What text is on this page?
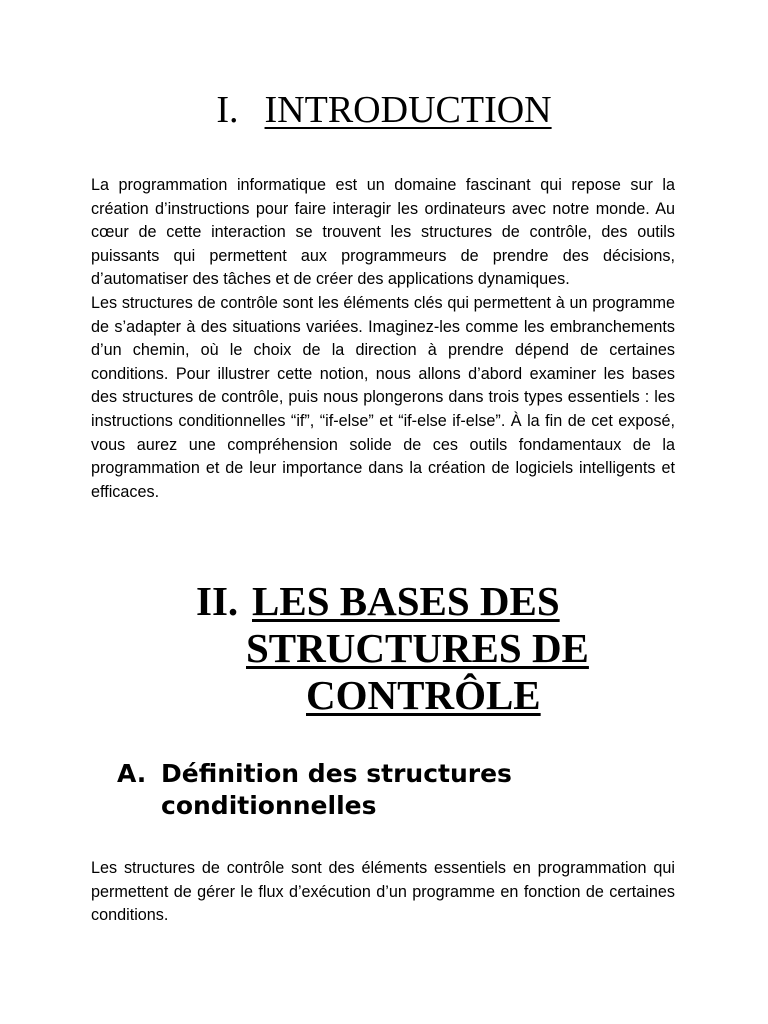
I. INTRODUCTION

La programmation informatique est un domaine fascinant qui repose sur la création d’instructions pour faire interagir les ordinateurs avec notre monde. Au cœur de cette interaction se trouvent les structures de contrôle, des outils puissants qui permettent aux programmeurs de prendre des décisions, d’automatiser des tâches et de créer des applications dynamiques.

Les structures de contrôle sont les éléments clés qui permettent à un programme de s’adapter à des situations variées. Imaginez-les comme les embranchements d’un chemin, où le choix de la direction à prendre dépend de certaines conditions. Pour illustrer cette notion, nous allons d’abord examiner les bases des structures de contrôle, puis nous plongerons dans trois types essentiels : les instructions conditionnelles “if”, “if-else” et “if-else if-else”. À la fin de cet exposé, vous aurez une compréhension solide de ces outils fondamentaux de la programmation et de leur importance dans la création de logiciels intelligents et efficaces.

II. LES BASES DES
STRUCTURES DE
CONTRÔLE
A. Définition des structures conditionnelles

Les structures de contrôle sont des éléments essentiels en programmation qui permettent de gérer le flux d’exécution d’un programme en fonction de certaines conditions.
